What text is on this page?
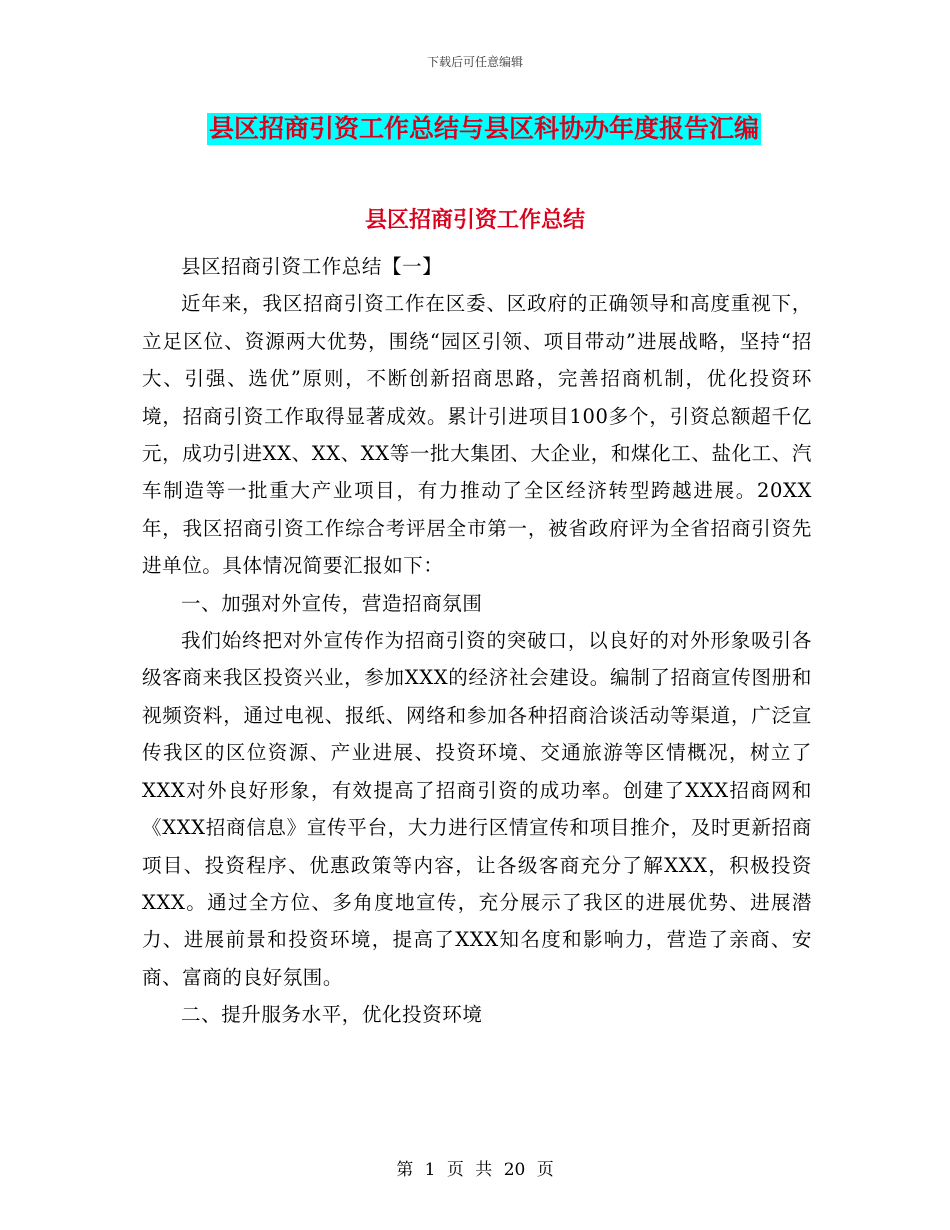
下载后可任意编辑
县区招商引资工作总结与县区科协办年度报告汇编
县区招商引资工作总结

县区招商引资工作总结【一】

近年来，我区招商引资工作在区委、区政府的正确领导和高度重视下，立足区位、资源两大优势，围绕“园区引领、项目带动”进展战略，坚持“招大、引强、选优”原则，不断创新招商思路，完善招商机制，优化投资环境，招商引资工作取得显著成效。累计引进项目100多个，引资总额超千亿元，成功引进XX、XX、XX等一批大集团、大企业，和煤化工、盐化工、汽车制造等一批重大产业项目，有力推动了全区经济转型跨越进展。20XX年，我区招商引资工作综合考评居全市第一，被省政府评为全省招商引资先进单位。具体情况简要汇报如下：

一、加强对外宣传，营造招商氛围

我们始终把对外宣传作为招商引资的突破口，以良好的对外形象吸引各级客商来我区投资兴业，参加XXX的经济社会建设。编制了招商宣传图册和视频资料，通过电视、报纸、网络和参加各种招商洽谈活动等渠道，广泛宣传我区的区位资源、产业进展、投资环境、交通旅游等区情概况，树立了XXX对外良好形象，有效提高了招商引资的成功率。创建了XXX招商网和《XXX招商信息》宣传平台，大力进行区情宣传和项目推介，及时更新招商项目、投资程序、优惠政策等内容，让各级客商充分了解XXX，积极投资XXX。通过全方位、多角度地宣传，充分展示了我区的进展优势、进展潜力、进展前景和投资环境，提高了XXX知名度和影响力，营造了亲商、安商、富商的良好氛围。

二、提升服务水平，优化投资环境

第 1 页 共 20 页
